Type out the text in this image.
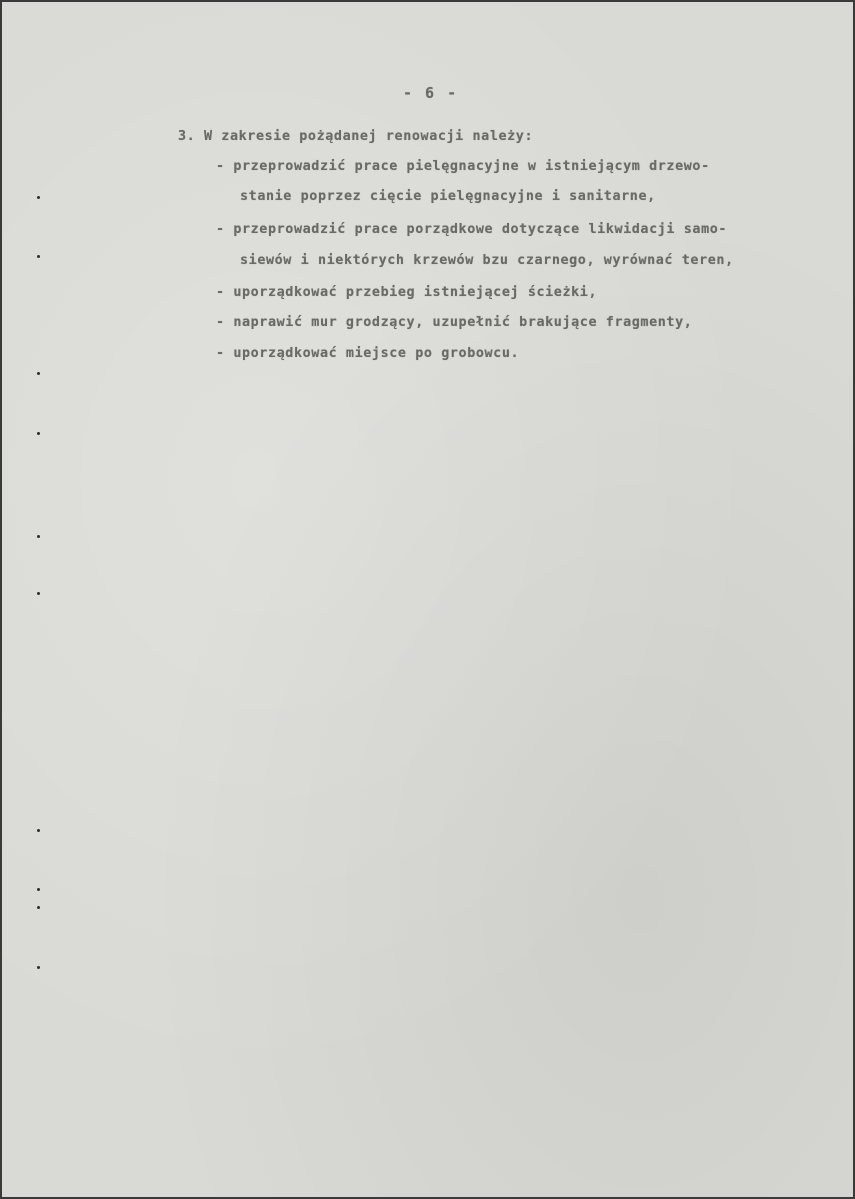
- 6 -
3. W zakresie pożądanej renowacji należy:
- przeprowadzić prace pielęgnacyjne w istniejącym drzewo-
stanie poprzez cięcie pielęgnacyjne i sanitarne,
- przeprowadzić prace porządkowe dotyczące likwidacji samo-
siewów i niektórych krzewów bzu czarnego, wyrównać teren,
- uporządkować przebieg istniejącej ścieżki,
- naprawić mur grodzący, uzupełnić brakujące fragmenty,
- uporządkować miejsce po grobowcu.
